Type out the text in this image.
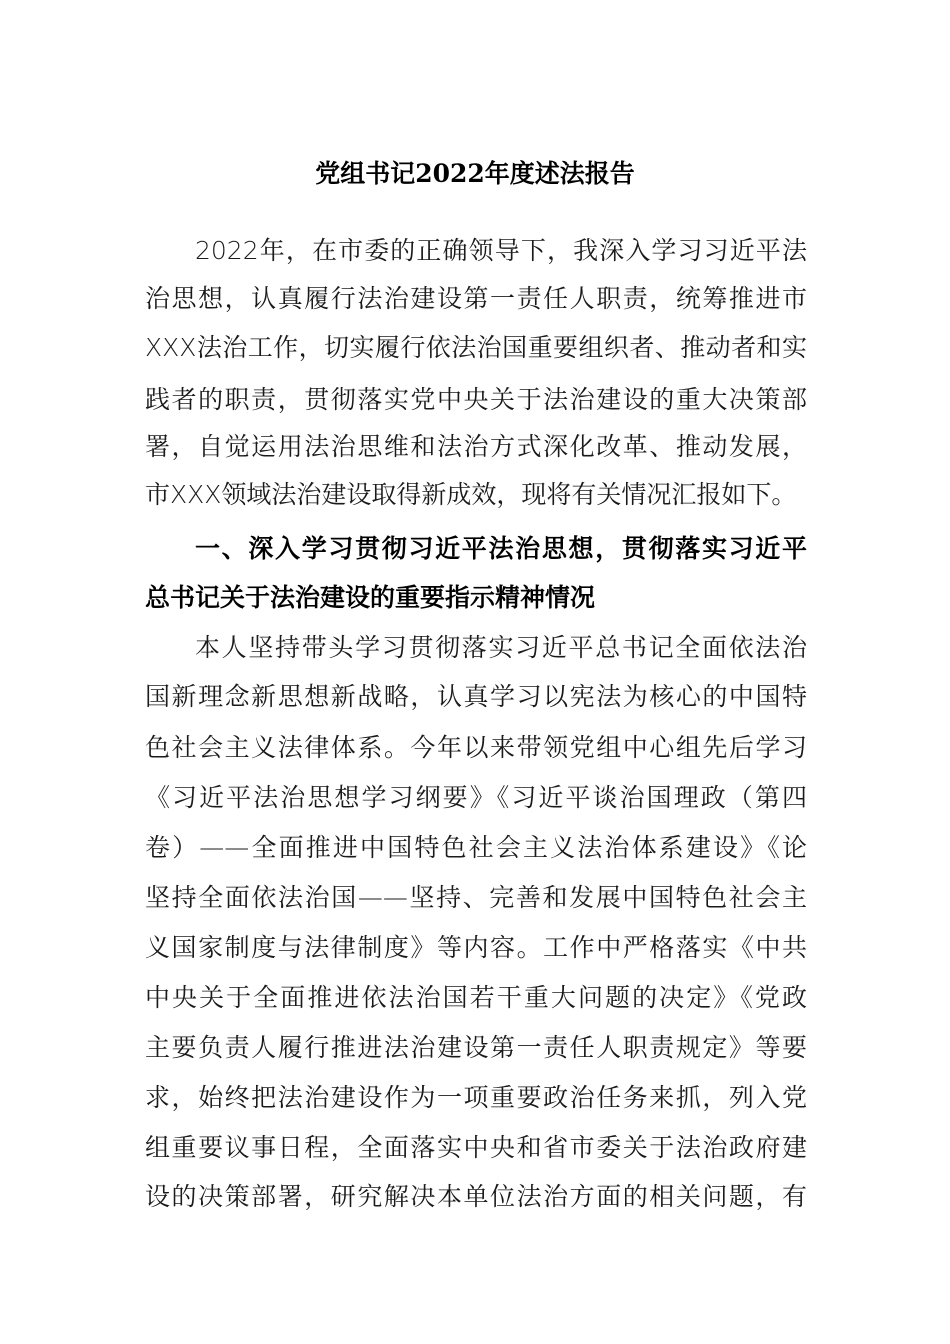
党组书记2022年度述法报告
2022年，在市委的正确领导下，我深入学习习近平法
治思想，认真履行法治建设第一责任人职责，统筹推进市
XXX法治工作，切实履行依法治国重要组织者、推动者和实
践者的职责，贯彻落实党中央关于法治建设的重大决策部
署，自觉运用法治思维和法治方式深化改革、推动发展，
市XXX领域法治建设取得新成效，现将有关情况汇报如下。
一、深入学习贯彻习近平法治思想，贯彻落实习近平
总书记关于法治建设的重要指示精神情况
本人坚持带头学习贯彻落实习近平总书记全面依法治
国新理念新思想新战略，认真学习以宪法为核心的中国特
色社会主义法律体系。今年以来带领党组中心组先后学习
《习近平法治思想学习纲要》《习近平谈治国理政（第四
卷）——全面推进中国特色社会主义法治体系建设》《论
坚持全面依法治国——坚持、完善和发展中国特色社会主
义国家制度与法律制度》等内容。工作中严格落实《中共
中央关于全面推进依法治国若干重大问题的决定》《党政
主要负责人履行推进法治建设第一责任人职责规定》等要
求，始终把法治建设作为一项重要政治任务来抓，列入党
组重要议事日程，全面落实中央和省市委关于法治政府建
设的决策部署，研究解决本单位法治方面的相关问题，有
